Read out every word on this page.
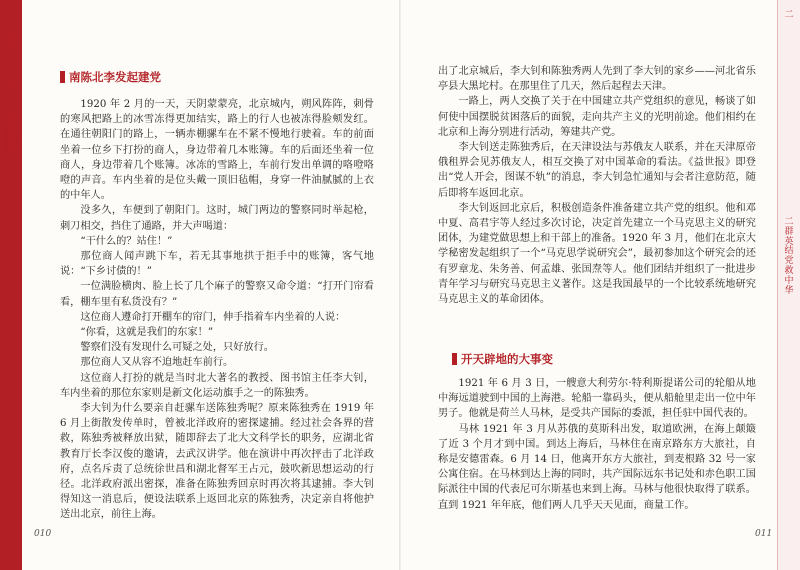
跟着共产党走
一本给青年人看的党的历史
南陈北李发起建党

1920 年 2 月的一天，天阴蒙蒙亮，北京城内，朔风阵阵，刺骨的寒风把路上的冰雪冻得更加结实，路上的行人也被冻得脸颊发红。在通往朝阳门的路上，一辆赤棚骡车在不紧不慢地行驶着。车的前面坐着一位乡下打扮的商人，身边带着几本账簿。车的后面还坐着一位商人，身边带着几个账簿。冰冻的雪路上，车前行发出单调的咯噔咯噔的声音。车内坐着的是位头戴一顶旧毡帽，身穿一件油腻腻的上衣的中年人。

没多久，车便到了朝阳门。这时，城门两边的警察同时举起枪，刺刀相交，挡住了通路，并大声喝道：

“干什么的？站住！”

那位商人闻声跳下车，若无其事地拱于拒手中的账簿，客气地说：“下乡讨债的！”

一位满脸横肉、脸上长了几个麻子的警察又命令道：“打开门帘看看，棚车里有私货没有？”

这位商人遵命打开棚车的帘门，伸手指着车内坐着的人说：

“你看，这就是我们的东家！”

警察们没有发现什么可疑之处，只好放行。

那位商人又从容不迫地赶车前行。

这位商人打扮的就是当时北大著名的教授、图书馆主任李大钊，车内坐着的那位东家则是新文化运动旗手之一的陈独秀。

李大钊为什么要亲自赶骡车送陈独秀呢？原来陈独秀在 1919 年 6 月上街散发传单时，曾被北洋政府的密探逮捕。经过社会各界的营救，陈独秀被释放出狱，随即辞去了北大文科学长的职务，应湖北省教育厅长李汉俊的邀请，去武汉讲学。他在演讲中再次抨击了北洋政府，点名斥责了总统徐世昌和湖北督军王占元，鼓吹新思想运动的行径。北洋政府派出密探，准备在陈独秀回京时再次将其逮捕。李大钊得知这一消息后，便设法联系上返回北京的陈独秀，决定亲自将他护送出北京，前往上海。

010
二
二 群英结党救中华

出了北京城后，李大钊和陈独秀两人先到了李大钊的家乡——河北省乐亭县大黑坨村。在那里住了几天，然后起程去天津。

一路上，两人交换了关于在中国建立共产党组织的意见，畅谈了如何使中国摆脱贫困落后的面貌，走向共产主义的光明前途。他们相约在北京和上海分别进行活动，筹建共产党。

李大钊送走陈独秀后，在天津设法与苏俄友人联系，并在天津原帝俄租界会见苏俄友人，相互交换了对中国革命的看法。《益世报》即登出“党人开会，图谋不轨”的消息，李大钊急忙通知与会者注意防范，随后即将车返回北京。

李大钊返回北京后，积极创造条件准备建立共产党的组织。他和邓中夏、高君宇等人经过多次讨论，决定首先建立一个马克思主义的研究团体，为建党做思想上和干部上的准备。1920 年 3 月，他们在北京大学秘密发起组织了一个“马克思学说研究会”，最初参加这个研究会的还有罗章龙、朱务善、何孟雄、张国焘等人。他们团结并组织了一批进步青年学习与研究马克思主义著作。这是我国最早的一个比较系统地研究马克思主义的革命团体。

开天辟地的大事变

1921 年 6 月 3 日，一艘意大利劳尔·特利斯提诺公司的轮船从地中海远道驶到中国的上海港。轮船一靠码头，便从船舱里走出一位中年男子。他就是荷兰人马林，是受共产国际的委派，担任驻中国代表的。

马林 1921 年 3 月从苏俄的莫斯科出发，取道欧洲，在海上颠簸了近 3 个月才到中国。到达上海后，马林住在南京路东方大旅社，自称是安德雷森。6 月 14 日，他离开东方大旅社，到麦根路 32 号一家公寓住宿。在马林到达上海的同时，共产国际远东书记处和赤色职工国际派往中国的代表尼可尔斯基也来到上海。马林与他很快取得了联系。直到 1921 年年底，他们两人几乎天天见面，商量工作。

011
